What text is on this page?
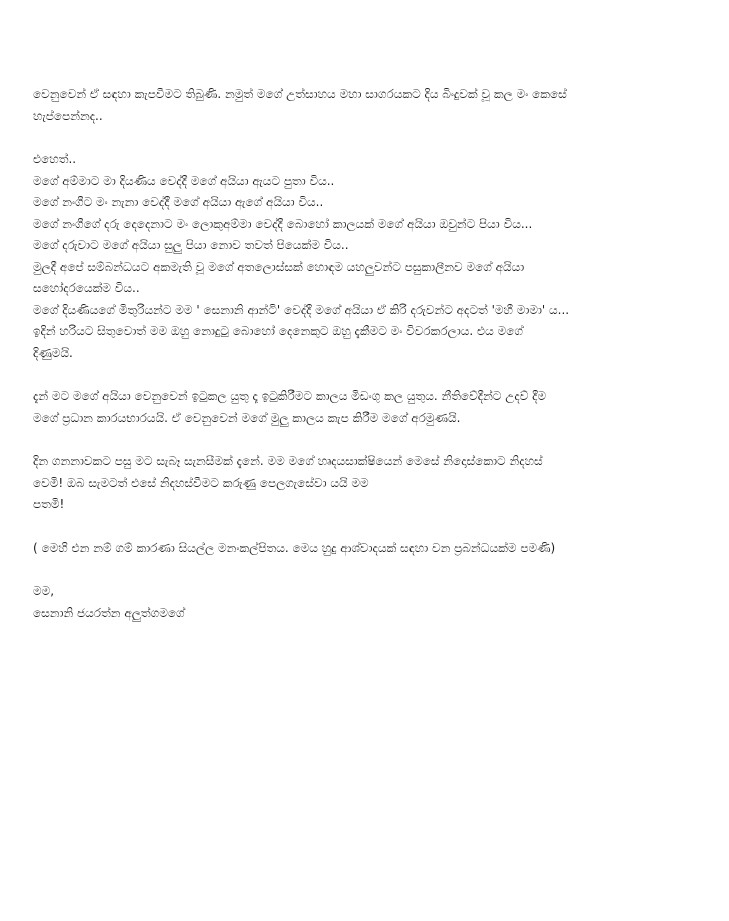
වෙනුවෙන් ඒ සඳහා කැපවීමට තිබුණි. නමුත් මගේ උත්සාහය මහා සාගරයකට දිය බිංදුවක් වූ කල මං කෙසේ
හැප්පෙන්නද..

එහෙත්..
මගේ අම්මාට මා දියණිය වෙද්දී මගේ අයියා ඇයට පුතා විය..
මගේ නංගීට මං නැනා වෙද්දී මගේ අයියා ඇගේ අයියා විය..
මගේ නංගීගේ දරු දෙදෙනාට මං ලොකුඅම්මා වෙද්දී බොහෝ කාලයක් මගේ අයියා ඔවුන්ට පියා විය...
මගේ දරුවාට මගේ අයියා සුලු පියා නොව තවත් පියෙක්ම විය..
මුලදී අපේ සම්බන්ධයට අකමැති වූ මගේ අතලොස්සක් හොඳම යහලුවන්ට පසුකාලීනව මගේ අයියා
සහෝදරයෙක්ම විය..
මගේ දියණියගේ මිතුරියන්ට මම ' සෙනානි ආන්ටි' වෙද්දී මගේ අයියා ඒ කිරි දරුවන්ට අදටත් 'මහී මාමා' ය...
ඉදින් හරියට සිතුවොත් මම ඔහු නොදුටු බොහෝ දෙනෙකුට ඔහු දැකීමට මං විවරකරලාය. එය මගේ
දිණුමයි.

දැන් මට මගේ අයියා වෙනුවෙන් ඉටුකල යුතු දෑ ඉටුකිරීමට කාලය මිඩංගු කල යුතුය. නීතිවේදීන්ට උදව් දීම
මගේ ප්‍රධාන කාරයභාරයයි. ඒ වෙනුවෙන් මගේ මුලු කාලය කැප කිරීම මගේ අරමුණයි.

දින ගනනාවකට පසු මට සැබෑ සැනසීමක් දැනේ. මම මගේ හෘදයසාක්ෂියෙන් මෙසේ නිදොස්කොට නිදහස්
වෙමි! ඔබ සැමටත් එසේ නිදහස්වීමට කරුණු පෙලගැසේවා යයි මම
පතමි!

( මෙහි එන නම් ගම් කාරණා සියල්ල මනංකල්පිතය. මෙය හුදු ආශ්වාදයක් සඳහා වන ප්‍රබන්ධයක්ම පමණි)

මම,
සෙනානි ජයරත්න අලුත්ගමගේ
